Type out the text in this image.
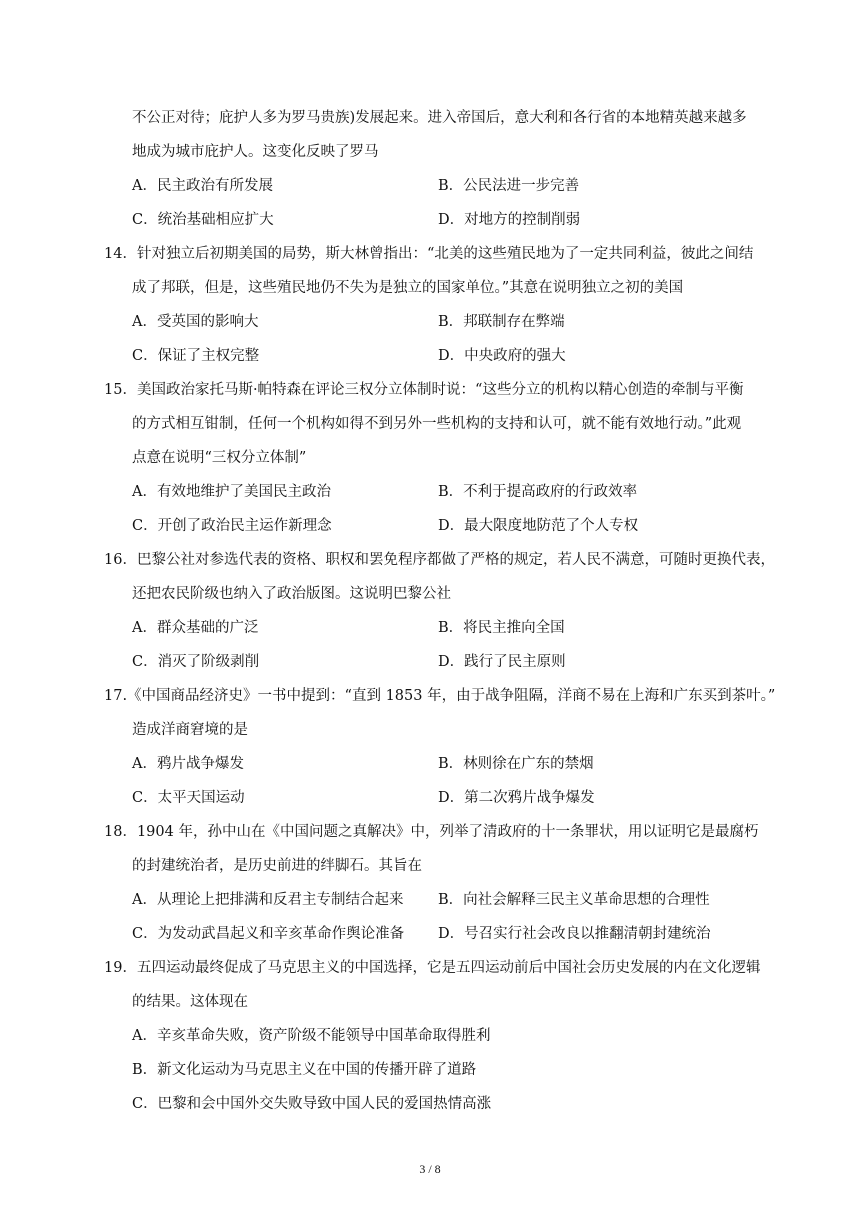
不公正对待；庇护人多为罗马贵族)发展起来。进入帝国后，意大利和各行省的本地精英越来越多
地成为城市庇护人。这变化反映了罗马
A．民主政治有所发展	B．公民法进一步完善
C．统治基础相应扩大	D．对地方的控制削弱
14．针对独立后初期美国的局势，斯大林曾指出：“北美的这些殖民地为了一定共同利益，彼此之间结
成了邦联，但是，这些殖民地仍不失为是独立的国家单位。”其意在说明独立之初的美国
A．受英国的影响大	B．邦联制存在弊端
C．保证了主权完整	D．中央政府的强大
15．美国政治家托马斯·帕特森在评论三权分立体制时说：“这些分立的机构以精心创造的牵制与平衡
的方式相互钳制，任何一个机构如得不到另外一些机构的支持和认可，就不能有效地行动。”此观
点意在说明“三权分立体制”
A．有效地维护了美国民主政治	B．不利于提高政府的行政效率
C．开创了政治民主运作新理念	D．最大限度地防范了个人专权
16．巴黎公社对参选代表的资格、职权和罢免程序都做了严格的规定，若人民不满意，可随时更换代表，
还把农民阶级也纳入了政治版图。这说明巴黎公社
A．群众基础的广泛	B．将民主推向全国
C．消灭了阶级剥削	D．践行了民主原则
17.《中国商品经济史》一书中提到：“直到 1853 年，由于战争阻隔，洋商不易在上海和广东买到茶叶。”
造成洋商窘境的是
A．鸦片战争爆发	B．林则徐在广东的禁烟
C．太平天国运动	D．第二次鸦片战争爆发
18．1904 年，孙中山在《中国问题之真解决》中，列举了清政府的十一条罪状，用以证明它是最腐朽
的封建统治者，是历史前进的绊脚石。其旨在
A．从理论上把排满和反君主专制结合起来 B．向社会解释三民主义革命思想的合理性
C．为发动武昌起义和辛亥革命作舆论准备 D．号召实行社会改良以推翻清朝封建统治
19．五四运动最终促成了马克思主义的中国选择，它是五四运动前后中国社会历史发展的内在文化逻辑
的结果。这体现在
A．辛亥革命失败，资产阶级不能领导中国革命取得胜利
B．新文化运动为马克思主义在中国的传播开辟了道路
C．巴黎和会中国外交失败导致中国人民的爱国热情高涨
3 / 8
